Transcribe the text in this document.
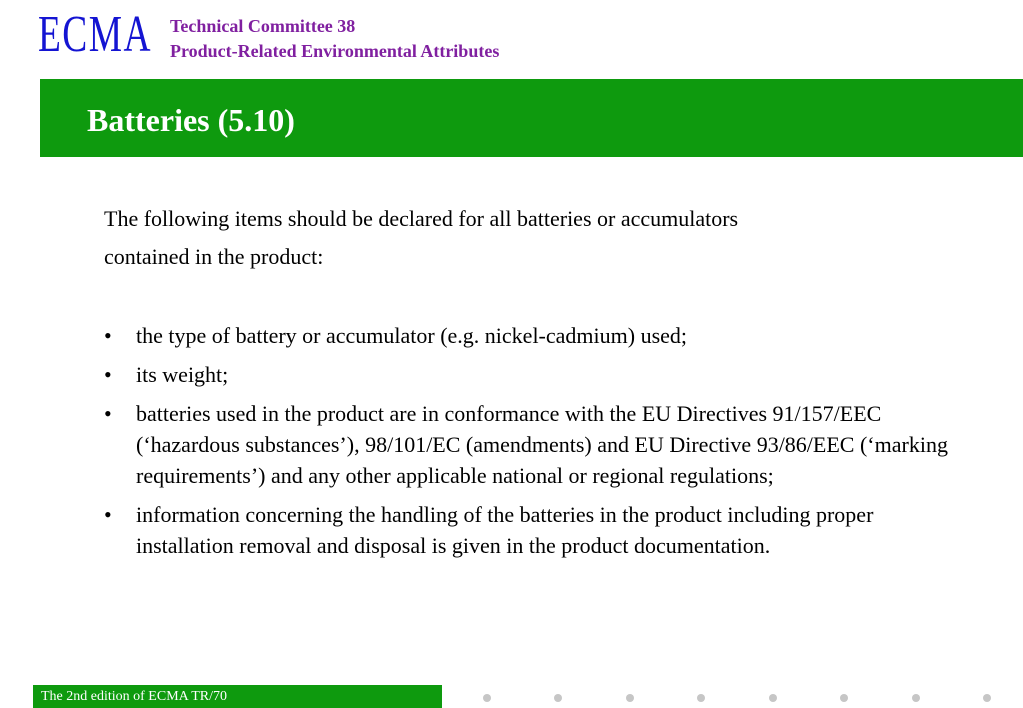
ECMA Technical Committee 38
Product-Related Environmental Attributes
Batteries (5.10)
The following items should be declared for all batteries or accumulators
contained in the product:
•	the type of battery or accumulator (e.g. nickel-cadmium) used;
•	its weight;
•	batteries used in the product are in conformance with the EU Directives 91/157/EEC (‘hazardous substances’), 98/101/EC (amendments) and EU Directive 93/86/EEC (‘marking requirements’) and any other applicable national or regional regulations;
•	information concerning the handling of the batteries in the product including proper installation removal and disposal is given in the product documentation.
The 2nd edition of ECMA TR/70
